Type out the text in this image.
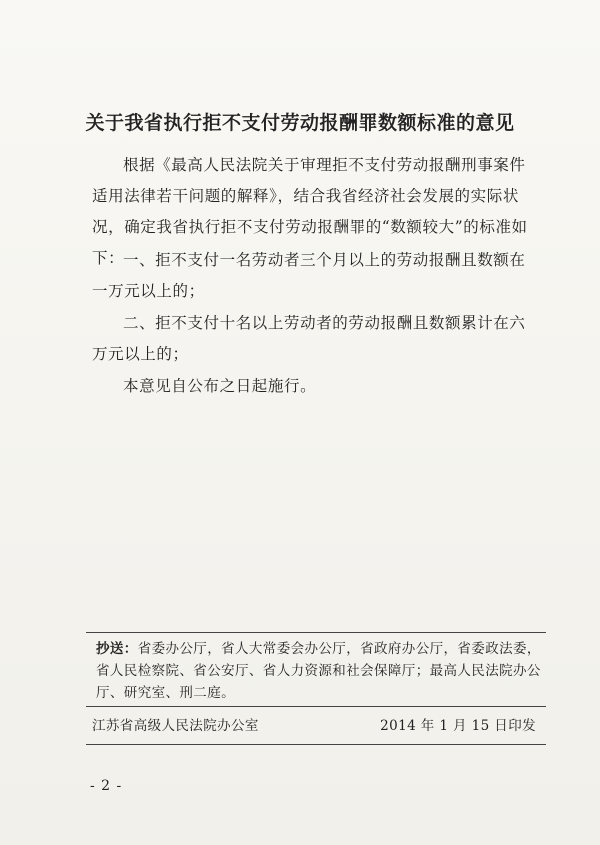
关于我省执行拒不支付劳动报酬罪数额标准的意见
根据《最高人民法院关于审理拒不支付劳动报酬刑事案件适用法律若干问题的解释》，结合我省经济社会发展的实际状况，确定我省执行拒不支付劳动报酬罪的“数额较大”的标准如下：
一、拒不支付一名劳动者三个月以上的劳动报酬且数额在一万元以上的；
二、拒不支付十名以上劳动者的劳动报酬且数额累计在六万元以上的；
本意见自公布之日起施行。
抄送：省委办公厅，省人大常委会办公厅，省政府办公厅，省委政法委，省人民检察院、省公安厅、省人力资源和社会保障厅；最高人民法院办公厅、研究室、刑二庭。
江苏省高级人民法院办公室	2014 年 1 月 15 日印发
- 2 -
